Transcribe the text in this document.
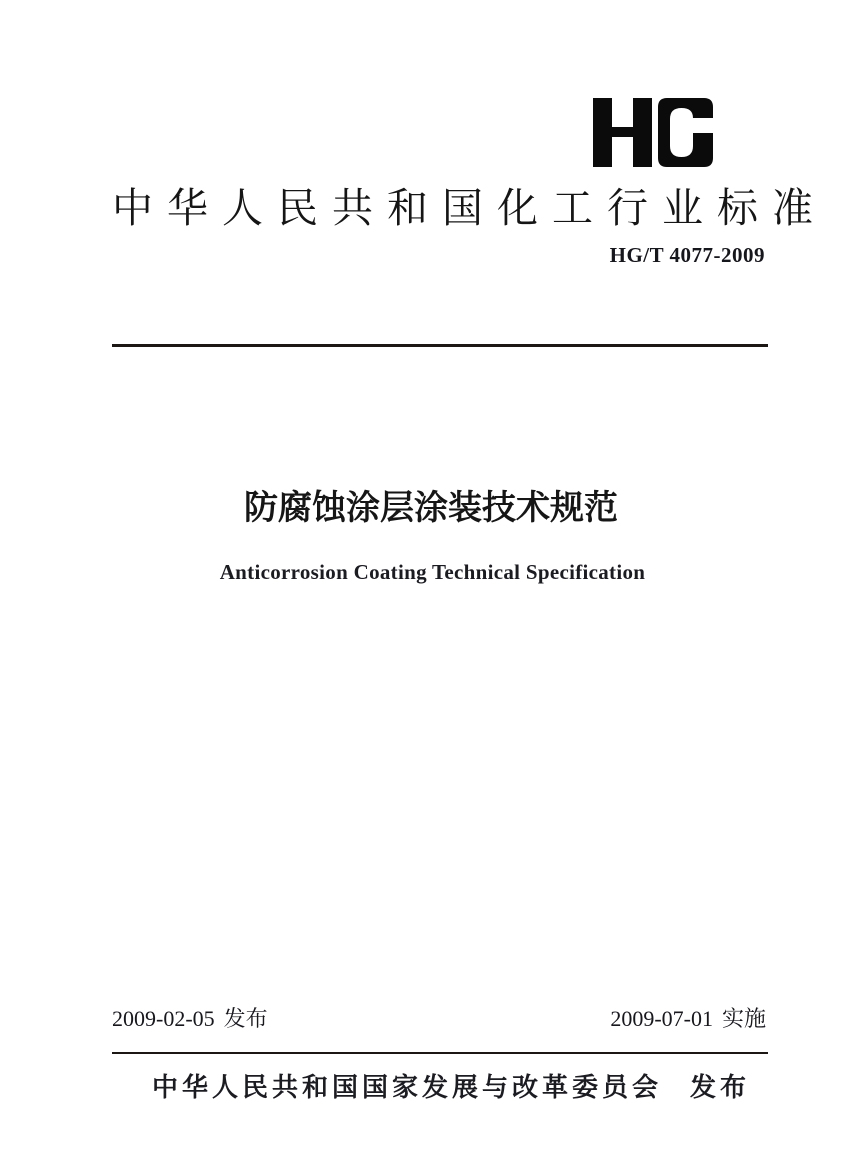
中华人民共和国化工行业标准
HG/T 4077-2009
防腐蚀涂层涂装技术规范
Anticorrosion Coating Technical Specification
2009-02-05 发布	2009-07-01 实施
中华人民共和国国家发展与改革委员会 发布
